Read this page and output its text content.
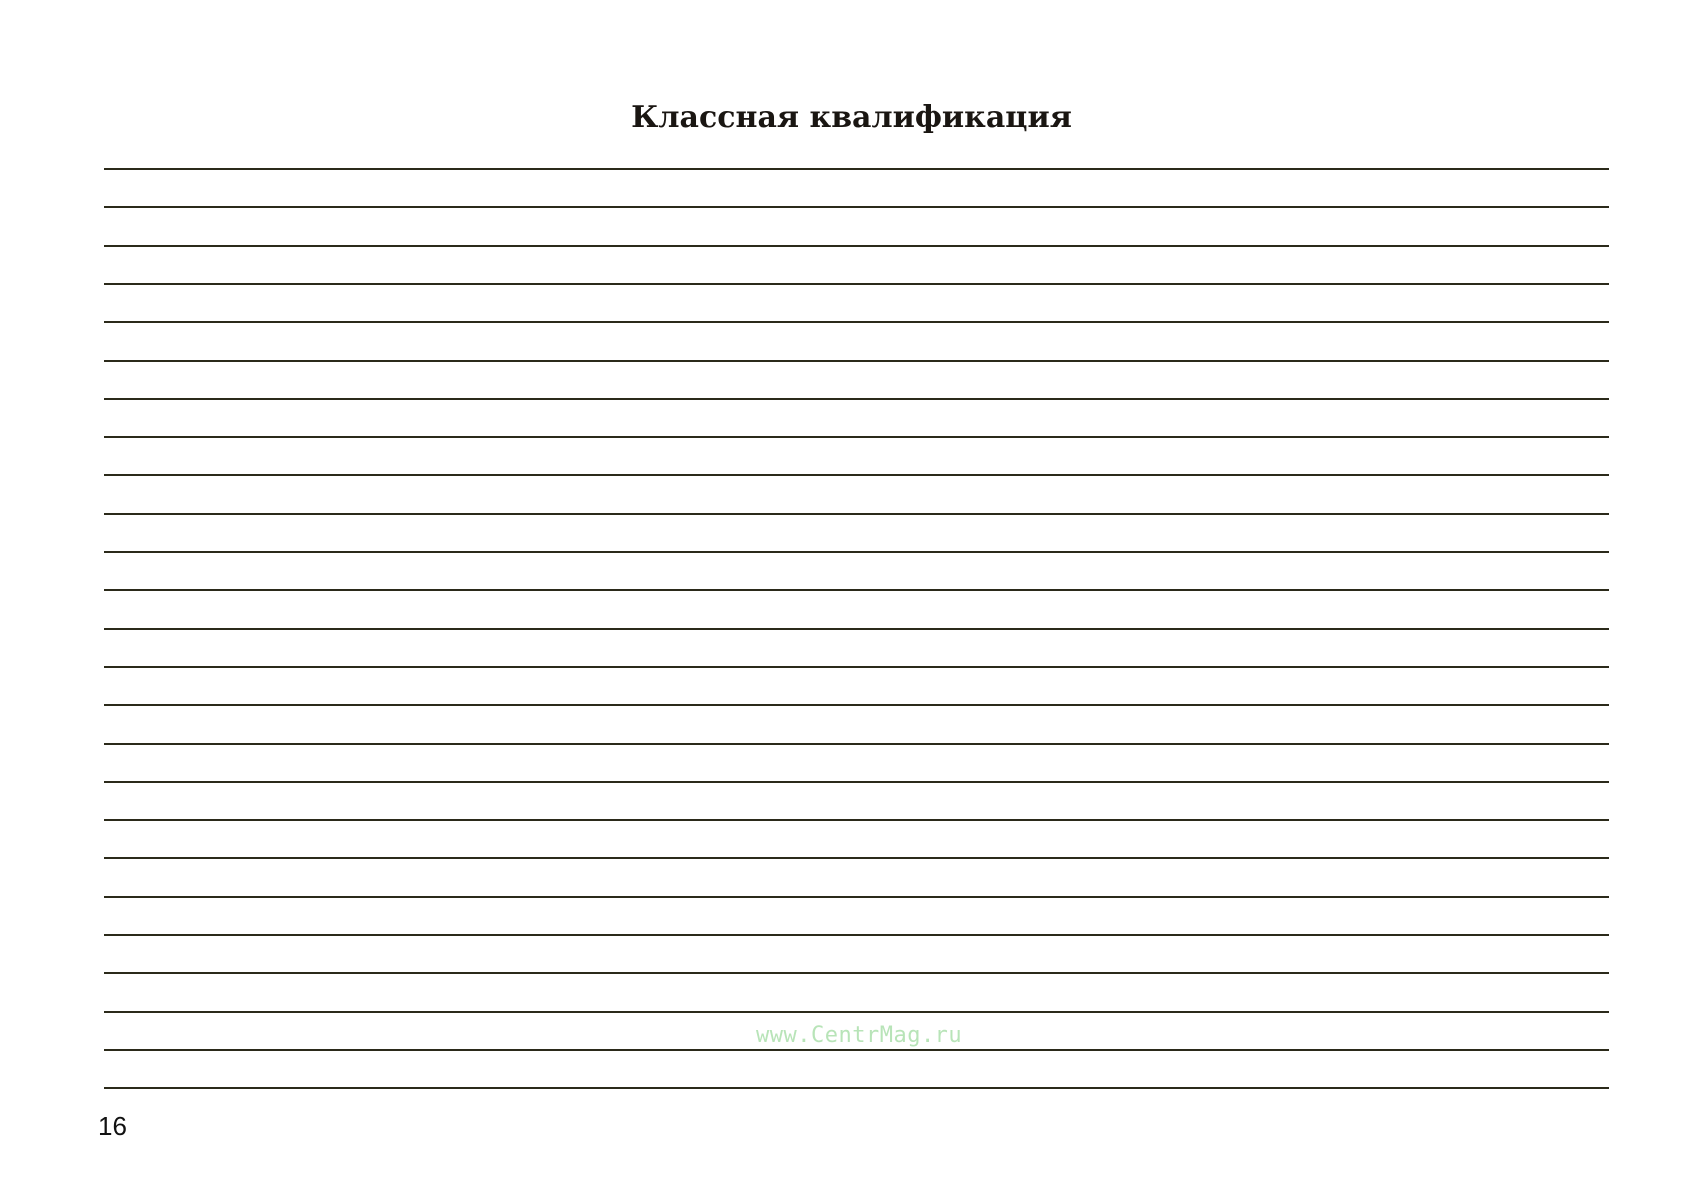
Классная квалификация
www.CentrMag.ru
16
